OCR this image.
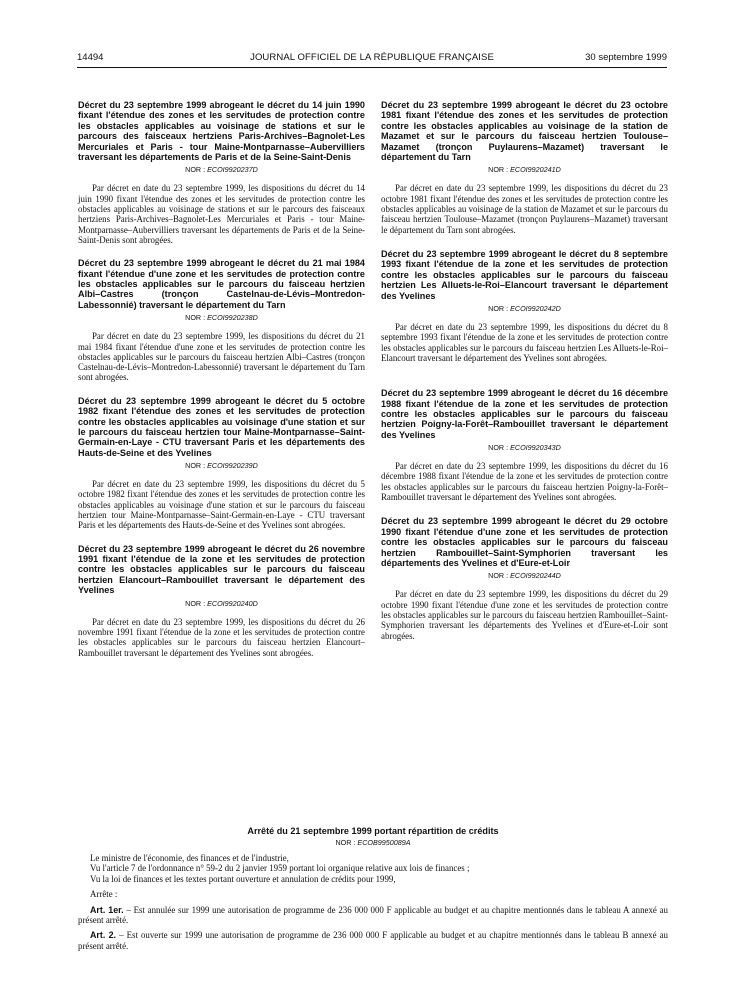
14494	JOURNAL OFFICIEL DE LA RÉPUBLIQUE FRANÇAISE	30 septembre 1999

Décret du 23 septembre 1999 abrogeant le décret du 14 juin 1990 fixant l'étendue des zones et les servitudes de protection contre les obstacles applicables au voisinage de stations et sur le parcours des faisceaux hertziens Paris-Archives–Bagnolet-Les Mercuriales et Paris - tour Maine-Montparnasse–Aubervilliers traversant les départements de Paris et de la Seine-Saint-Denis

NOR : ECOI9920237D

Par décret en date du 23 septembre 1999, les dispositions du décret du 14 juin 1990 fixant l'étendue des zones et les servitudes de protection contre les obstacles applicables au voisinage de stations et sur le parcours des faisceaux hertziens Paris-Archives–Bagnolet-Les Mercuriales et Paris - tour Maine-Montparnasse–Aubervilliers traversant les départements de Paris et de la Seine-Saint-Denis sont abrogées.

Décret du 23 septembre 1999 abrogeant le décret du 21 mai 1984 fixant l'étendue d'une zone et les servitudes de protection contre les obstacles applicables sur le parcours du faisceau hertzien Albi–Castres (tronçon Castelnau-de-Lévis–Montredon-Labessonnié) traversant le département du Tarn

NOR : ECOI9920238D

Par décret en date du 23 septembre 1999, les dispositions du décret du 21 mai 1984 fixant l'étendue d'une zone et les servitudes de protection contre les obstacles applicables sur le parcours du faisceau hertzien Albi–Castres (tronçon Castelnau-de-Lévis–Montredon-Labessonnié) traversant le département du Tarn sont abrogées.

Décret du 23 septembre 1999 abrogeant le décret du 5 octobre 1982 fixant l'étendue des zones et les servitudes de protection contre les obstacles applicables au voisinage d'une station et sur le parcours du faisceau hertzien tour Maine-Montparnasse–Saint-Germain-en-Laye - CTU traversant Paris et les départements des Hauts-de-Seine et des Yvelines

NOR : ECOI9920239D

Par décret en date du 23 septembre 1999, les dispositions du décret du 5 octobre 1982 fixant l'étendue des zones et les servitudes de protection contre les obstacles applicables au voisinage d'une station et sur le parcours du faisceau hertzien tour Maine-Montparnasse–Saint-Germain-en-Laye - CTU traversant Paris et les départements des Hauts-de-Seine et des Yvelines sont abrogées.

Décret du 23 septembre 1999 abrogeant le décret du 26 novembre 1991 fixant l'étendue de la zone et les servitudes de protection contre les obstacles applicables sur le parcours du faisceau hertzien Elancourt–Rambouillet traversant le département des Yvelines

NOR : ECOI9920240D

Par décret en date du 23 septembre 1999, les dispositions du décret du 26 novembre 1991 fixant l'étendue de la zone et les servitudes de protection contre les obstacles applicables sur le parcours du faisceau hertzien Elancourt–Rambouillet traversant le département des Yvelines sont abrogées.

Décret du 23 septembre 1999 abrogeant le décret du 23 octobre 1981 fixant l'étendue des zones et les servitudes de protection contre les obstacles applicables au voisinage de la station de Mazamet et sur le parcours du faisceau hertzien Toulouse–Mazamet (tronçon Puylaurens–Mazamet) traversant le département du Tarn

NOR : ECOI9920241D

Par décret en date du 23 septembre 1999, les dispositions du décret du 23 octobre 1981 fixant l'étendue des zones et les servitudes de protection contre les obstacles applicables au voisinage de la station de Mazamet et sur le parcours du faisceau hertzien Toulouse–Mazamet (tronçon Puylaurens–Mazamet) traversant le département du Tarn sont abrogées.

Décret du 23 septembre 1999 abrogeant le décret du 8 septembre 1993 fixant l'étendue de la zone et les servitudes de protection contre les obstacles applicables sur le parcours du faisceau hertzien Les Alluets-le-Roi–Elancourt traversant le département des Yvelines

NOR : ECOI9920242D

Par décret en date du 23 septembre 1999, les dispositions du décret du 8 septembre 1993 fixant l'étendue de la zone et les servitudes de protection contre les obstacles applicables sur le parcours du faisceau hertzien Les Alluets-le-Roi–Elancourt traversant le département des Yvelines sont abrogées.

Décret du 23 septembre 1999 abrogeant le décret du 16 décembre 1988 fixant l'étendue de la zone et les servitudes de protection contre les obstacles applicables sur le parcours du faisceau hertzien Poigny-la-Forêt–Rambouillet traversant le département des Yvelines

NOR : ECOI9920343D

Par décret en date du 23 septembre 1999, les dispositions du décret du 16 décembre 1988 fixant l'étendue de la zone et les servitudes de protection contre les obstacles applicables sur le parcours du faisceau hertzien Poigny-la-Forêt–Rambouillet traversant le département des Yvelines sont abrogées.

Décret du 23 septembre 1999 abrogeant le décret du 29 octobre 1990 fixant l'étendue d'une zone et les servitudes de protection contre les obstacles applicables sur le parcours du faisceau hertzien Rambouillet–Saint-Symphorien traversant les départements des Yvelines et d'Eure-et-Loir

NOR : ECOI9920244D

Par décret en date du 23 septembre 1999, les dispositions du décret du 29 octobre 1990 fixant l'étendue d'une zone et les servitudes de protection contre les obstacles applicables sur le parcours du faisceau hertzien Rambouillet–Saint-Symphorien traversant les départements des Yvelines et d'Eure-et-Loir sont abrogées.

Arrêté du 21 septembre 1999 portant répartition de crédits

NOR : ECOB9950089A

Le ministre de l'économie, des finances et de l'industrie,

Vu l'article 7 de l'ordonnance n° 59-2 du 2 janvier 1959 portant loi organique relative aux lois de finances ;

Vu la loi de finances et les textes portant ouverture et annulation de crédits pour 1999,

Arrête :

Art. 1er. – Est annulée sur 1999 une autorisation de programme de 236 000 000 F applicable au budget et au chapitre mentionnés dans le tableau A annexé au présent arrêté.

Art. 2. – Est ouverte sur 1999 une autorisation de programme de 236 000 000 F applicable au budget et au chapitre mentionnés dans le tableau B annexé au présent arrêté.
